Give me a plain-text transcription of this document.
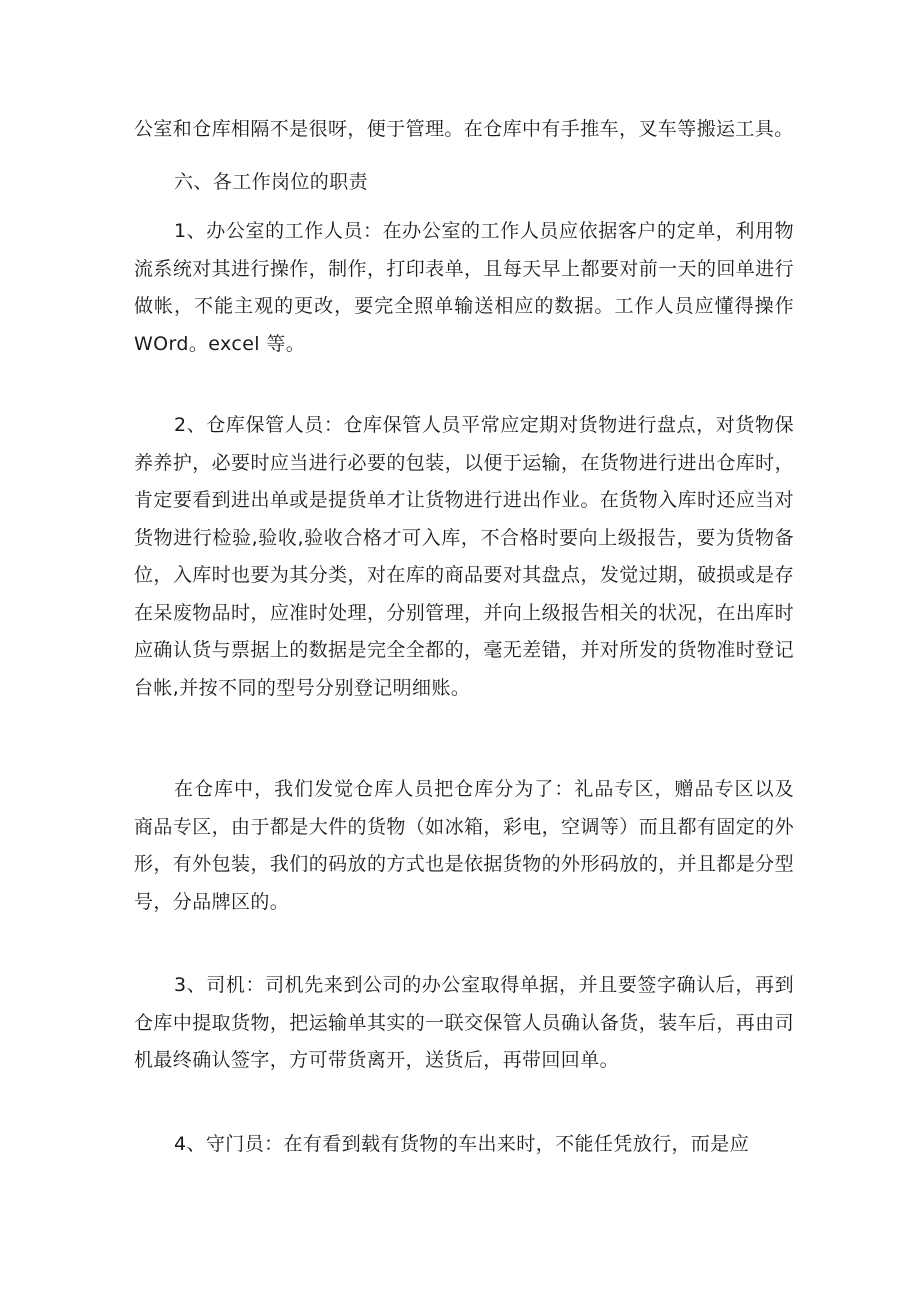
公室和仓库相隔不是很呀，便于管理。在仓库中有手推车，叉车等搬运工具。

六、各工作岗位的职责

1、办公室的工作人员：在办公室的工作人员应依据客户的定单，利用物流系统对其进行操作，制作，打印表单，且每天早上都要对前一天的回单进行做帐，不能主观的更改，要完全照单输送相应的数据。工作人员应懂得操作 WOrd。excel 等。

2、仓库保管人员：仓库保管人员平常应定期对货物进行盘点，对货物保养养护，必要时应当进行必要的包装，以便于运输，在货物进行进出仓库时，肯定要看到进出单或是提货单才让货物进行进出作业。在货物入库时还应当对货物进行检验,验收,验收合格才可入库，不合格时要向上级报告，要为货物备位，入库时也要为其分类，对在库的商品要对其盘点，发觉过期，破损或是存在呆废物品时，应准时处理，分别管理，并向上级报告相关的状况，在出库时应确认货与票据上的数据是完全全都的，毫无差错，并对所发的货物准时登记台帐,并按不同的型号分别登记明细账。

在仓库中，我们发觉仓库人员把仓库分为了：礼品专区，赠品专区以及商品专区，由于都是大件的货物（如冰箱，彩电，空调等）而且都有固定的外形，有外包装，我们的码放的方式也是依据货物的外形码放的，并且都是分型号，分品牌区的。

3、司机：司机先来到公司的办公室取得单据，并且要签字确认后，再到仓库中提取货物，把运输单其实的一联交保管人员确认备货，装车后，再由司机最终确认签字，方可带货离开，送货后，再带回回单。

4、守门员：在有看到载有货物的车出来时，不能任凭放行，而是应
